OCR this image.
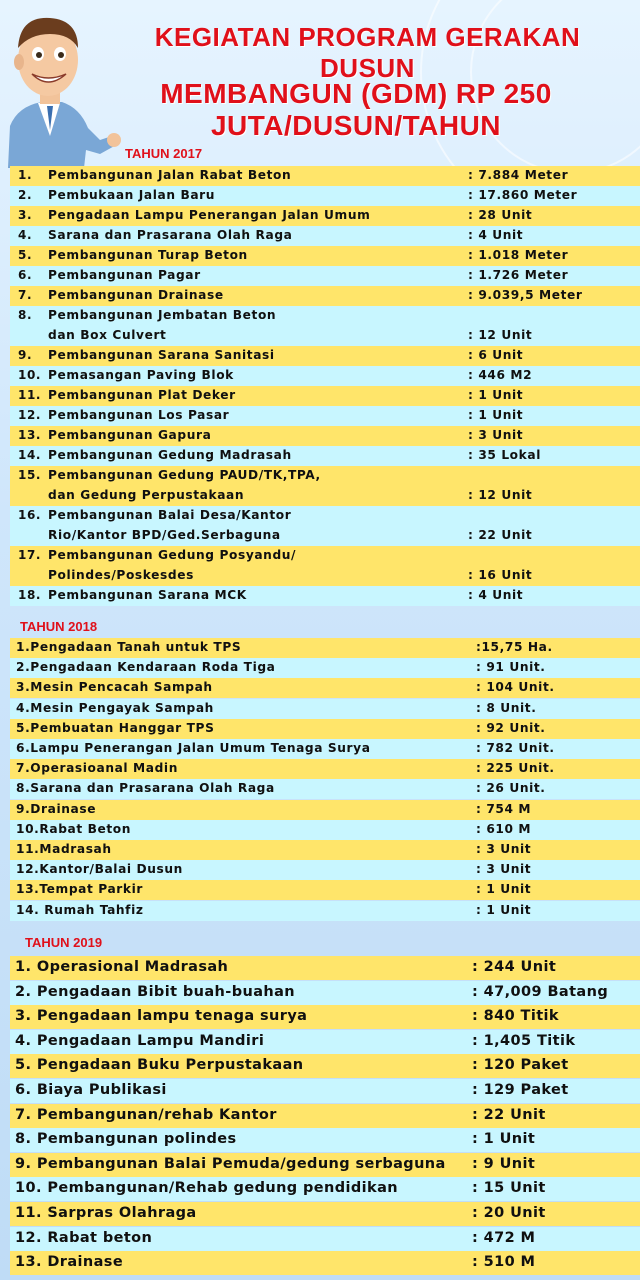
KEGIATAN PROGRAM GERAKAN DUSUN
MEMBANGUN (GDM) RP 250 JUTA/DUSUN/TAHUN
TAHUN 2017
1. Pembangunan Jalan Rabat Beton	: 7.884 Meter
2. Pembukaan Jalan Baru	: 17.860 Meter
3. Pengadaan Lampu Penerangan Jalan Umum	: 28 Unit
4. Sarana dan Prasarana Olah Raga	: 4 Unit
5. Pembangunan Turap Beton	: 1.018 Meter
6. Pembangunan Pagar	: 1.726 Meter
7. Pembangunan Drainase	: 9.039,5 Meter
8. Pembangunan Jembatan Beton
dan Box Culvert	: 12 Unit
9. Pembangunan Sarana Sanitasi	: 6 Unit
10. Pemasangan Paving Blok	: 446 M2
11. Pembangunan Plat Deker	: 1 Unit
12. Pembangunan Los Pasar	: 1 Unit
13. Pembangunan Gapura	: 3 Unit
14. Pembangunan Gedung Madrasah	: 35 Lokal
15. Pembangunan Gedung PAUD/TK,TPA,
dan Gedung Perpustakaan	: 12 Unit
16. Pembangunan Balai Desa/Kantor
Rio/Kantor BPD/Ged.Serbaguna	: 22 Unit
17. Pembangunan Gedung Posyandu/
Polindes/Poskesdes	: 16 Unit
18. Pembangunan Sarana MCK	: 4 Unit
TAHUN 2018
1.Pengadaan Tanah untuk TPS	:15,75 Ha.
2.Pengadaan Kendaraan Roda Tiga	: 91 Unit.
3.Mesin Pencacah Sampah	: 104 Unit.
4.Mesin Pengayak Sampah	: 8 Unit.
5.Pembuatan Hanggar TPS	: 92 Unit.
6.Lampu Penerangan Jalan Umum Tenaga Surya	: 782 Unit.
7.Operasioanal Madin	: 225 Unit.
8.Sarana dan Prasarana Olah Raga	: 26 Unit.
9.Drainase	: 754 M
10.Rabat Beton	: 610 M
11.Madrasah	: 3 Unit
12.Kantor/Balai Dusun	: 3 Unit
13.Tempat Parkir	: 1 Unit
14. Rumah Tahfiz	: 1 Unit
TAHUN 2019
1. Operasional Madrasah	: 244 Unit
2. Pengadaan Bibit buah-buahan	: 47,009 Batang
3. Pengadaan lampu tenaga surya	: 840 Titik
4. Pengadaan Lampu Mandiri	: 1,405 Titik
5. Pengadaan Buku Perpustakaan	: 120 Paket
6. Biaya Publikasi	: 129 Paket
7. Pembangunan/rehab Kantor	: 22 Unit
8. Pembangunan polindes	: 1 Unit
9. Pembangunan Balai Pemuda/gedung serbaguna : 9 Unit
10. Pembangunan/Rehab gedung pendidikan	: 15 Unit
11. Sarpras Olahraga	: 20 Unit
12. Rabat beton	: 472 M
13. Drainase	: 510 M
